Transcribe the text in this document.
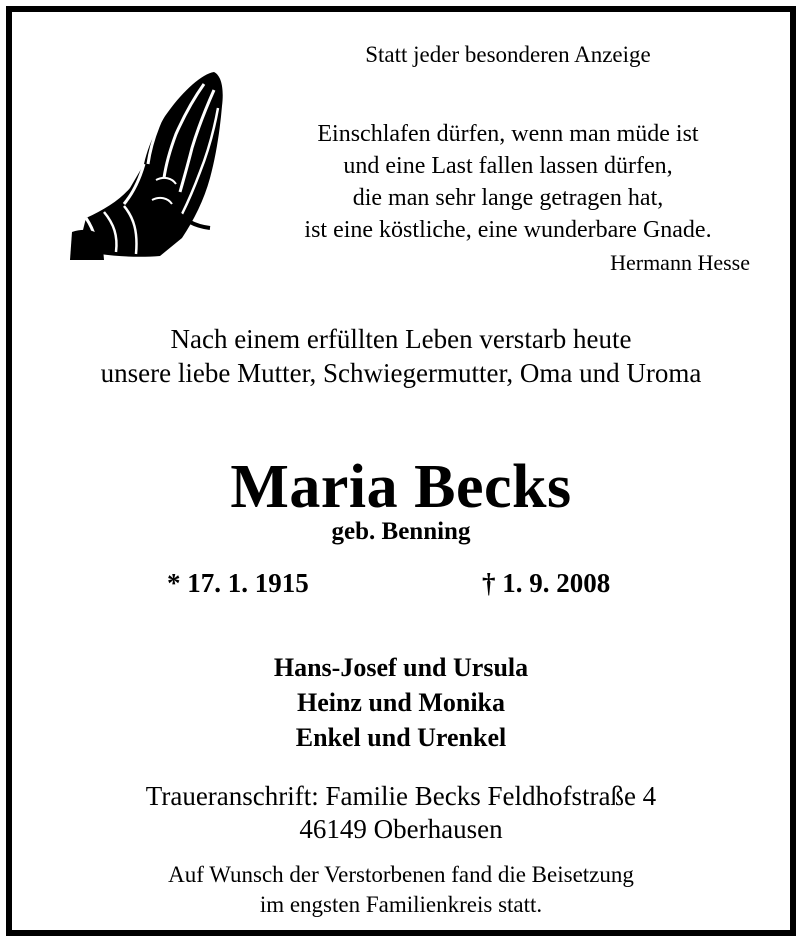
Statt jeder besonderen Anzeige
Einschlafen dürfen, wenn man müde ist
und eine Last fallen lassen dürfen,
die man sehr lange getragen hat,
ist eine köstliche, eine wunderbare Gnade.
Hermann Hesse
Nach einem erfüllten Leben verstarb heute
unsere liebe Mutter, Schwiegermutter, Oma und Uroma
Maria Becks
geb. Benning
* 17. 1. 1915	† 1. 9. 2008
Hans-Josef und Ursula
Heinz und Monika
Enkel und Urenkel
Traueranschrift: Familie Becks Feldhofstraße 4
46149 Oberhausen
Auf Wunsch der Verstorbenen fand die Beisetzung
im engsten Familienkreis statt.
